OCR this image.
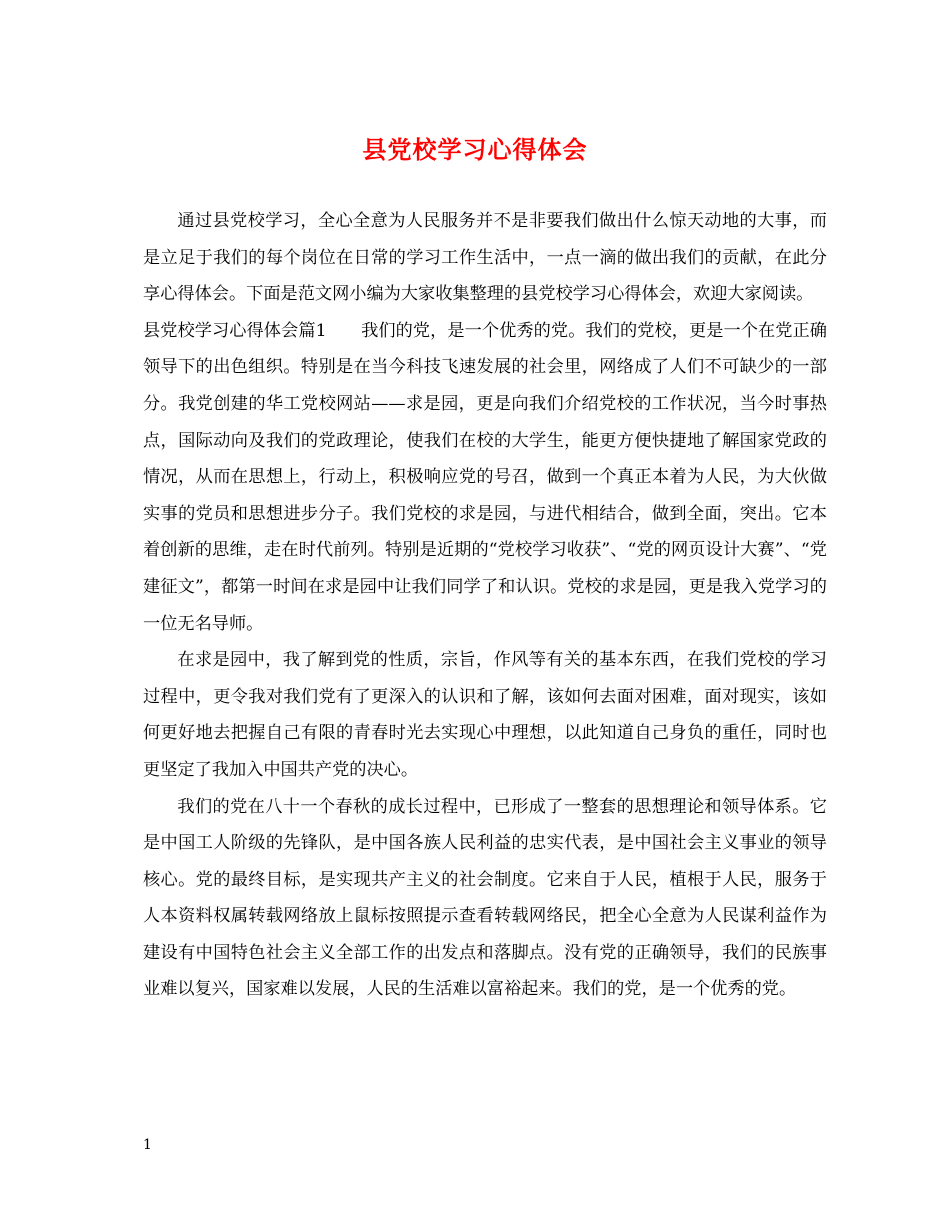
县党校学习心得体会

通过县党校学习，全心全意为人民服务并不是非要我们做出什么惊天动地的大事，而是立足于我们的每个岗位在日常的学习工作生活中，一点一滴的做出我们的贡献，在此分享心得体会。下面是范文网小编为大家收集整理的县党校学习心得体会，欢迎大家阅读。

县党校学习心得体会篇1　　我们的党，是一个优秀的党。我们的党校，更是一个在党正确领导下的出色组织。特别是在当今科技飞速发展的社会里，网络成了人们不可缺少的一部分。我党创建的华工党校网站——求是园，更是向我们介绍党校的工作状况，当今时事热点，国际动向及我们的党政理论，使我们在校的大学生，能更方便快捷地了解国家党政的情况，从而在思想上，行动上，积极响应党的号召，做到一个真正本着为人民，为大伙做实事的党员和思想进步分子。我们党校的求是园，与进代相结合，做到全面，突出。它本着创新的思维，走在时代前列。特别是近期的“党校学习收获”、“党的网页设计大赛”、“党建征文”，都第一时间在求是园中让我们同学了和认识。党校的求是园，更是我入党学习的一位无名导师。

在求是园中，我了解到党的性质，宗旨，作风等有关的基本东西，在我们党校的学习过程中，更令我对我们党有了更深入的认识和了解，该如何去面对困难，面对现实，该如何更好地去把握自己有限的青春时光去实现心中理想，以此知道自己身负的重任，同时也更坚定了我加入中国共产党的决心。

我们的党在八十一个春秋的成长过程中，已形成了一整套的思想理论和领导体系。它是中国工人阶级的先锋队，是中国各族人民利益的忠实代表，是中国社会主义事业的领导核心。党的最终目标，是实现共产主义的社会制度。它来自于人民，植根于人民，服务于人本资料权属转载网络放上鼠标按照提示查看转载网络民，把全心全意为人民谋利益作为建设有中国特色社会主义全部工作的出发点和落脚点。没有党的正确领导，我们的民族事业难以复兴，国家难以发展，人民的生活难以富裕起来。我们的党，是一个优秀的党。

1
